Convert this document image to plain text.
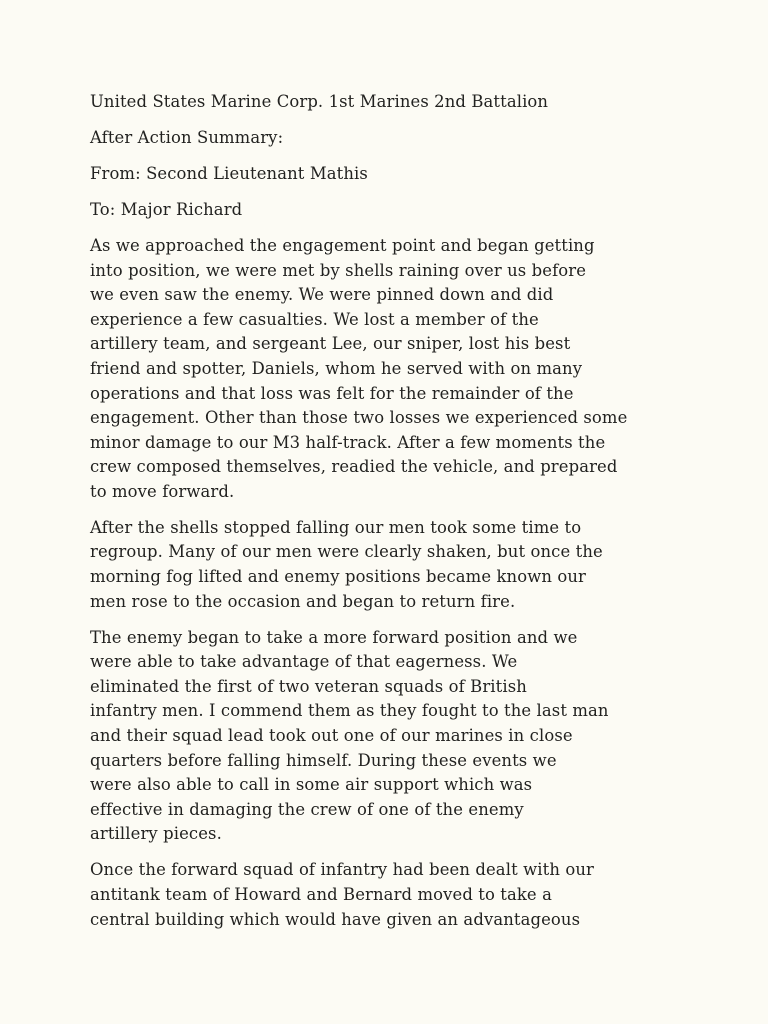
United States Marine Corp. 1st Marines 2nd Battalion
After Action Summary:
From: Second Lieutenant Mathis
To: Major Richard
As we approached the engagement point and began getting
into position, we were met by shells raining over us before
we even saw the enemy. We were pinned down and did
experience a few casualties. We lost a member of the
artillery team, and sergeant Lee, our sniper, lost his best
friend and spotter, Daniels, whom he served with on many
operations and that loss was felt for the remainder of the
engagement. Other than those two losses we experienced some
minor damage to our M3 half-track. After a few moments the
crew composed themselves, readied the vehicle, and prepared
to move forward.
After the shells stopped falling our men took some time to
regroup. Many of our men were clearly shaken, but once the
morning fog lifted and enemy positions became known our
men rose to the occasion and began to return fire.
The enemy began to take a more forward position and we
were able to take advantage of that eagerness. We
eliminated the first of two veteran squads of British
infantry men. I commend them as they fought to the last man
and their squad lead took out one of our marines in close
quarters before falling himself. During these events we
were also able to call in some air support which was
effective in damaging the crew of one of the enemy
artillery pieces.
Once the forward squad of infantry had been dealt with our
antitank team of Howard and Bernard moved to take a
central building which would have given an advantageous
